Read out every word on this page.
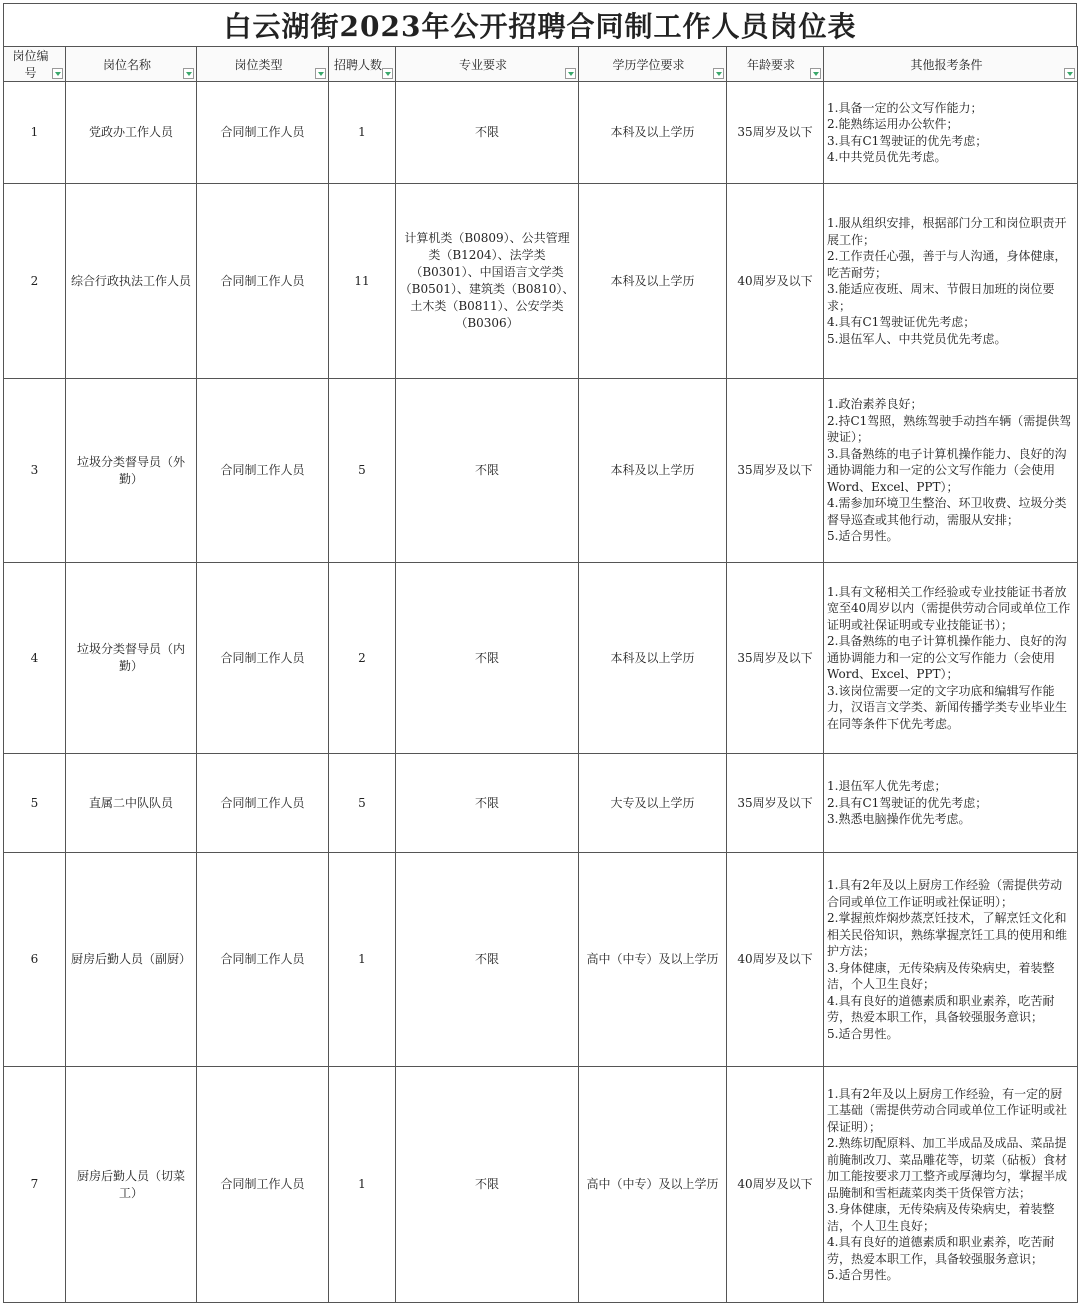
白云湖街2023年公开招聘合同制工作人员岗位表
岗位编号	岗位名称	岗位类型	招聘人数	专业要求	学历学位要求	年龄要求	其他报考条件

1	党政办工作人员	合同制工作人员	1	不限	本科及以上学历	35周岁及以下	1.具备一定的公文写作能力；
2.能熟练运用办公软件；
3.具有C1驾驶证的优先考虑；
4.中共党员优先考虑。

2	综合行政执法工作人员	合同制工作人员	11	计算机类（B0809）、公共管理类（B1204）、法学类（B0301）、中国语言文学类（B0501）、建筑类（B0810）、土木类（B0811）、公安学类（B0306）	本科及以上学历	40周岁及以下	1.服从组织安排，根据部门分工和岗位职责开展工作；
2.工作责任心强，善于与人沟通，身体健康，吃苦耐劳；
3.能适应夜班、周末、节假日加班的岗位要求；
4.具有C1驾驶证优先考虑；
5.退伍军人、中共党员优先考虑。

3	垃圾分类督导员（外勤）	合同制工作人员	5	不限	本科及以上学历	35周岁及以下	1.政治素养良好；
2.持C1驾照，熟练驾驶手动挡车辆（需提供驾驶证）；
3.具备熟练的电子计算机操作能力、良好的沟通协调能力和一定的公文写作能力（会使用Word、Excel、PPT）；
4.需参加环境卫生整治、环卫收费、垃圾分类督导巡查或其他行动，需服从安排；
5.适合男性。

4	垃圾分类督导员（内勤）	合同制工作人员	2	不限	本科及以上学历	35周岁及以下	1.具有文秘相关工作经验或专业技能证书者放宽至40周岁以内（需提供劳动合同或单位工作证明或社保证明或专业技能证书）；
2.具备熟练的电子计算机操作能力、良好的沟通协调能力和一定的公文写作能力（会使用Word、Excel、PPT）；
3.该岗位需要一定的文字功底和编辑写作能力，汉语言文学类、新闻传播学类专业毕业生在同等条件下优先考虑。

5	直属二中队队员	合同制工作人员	5	不限	大专及以上学历	35周岁及以下	1.退伍军人优先考虑；
2.具有C1驾驶证的优先考虑；
3.熟悉电脑操作优先考虑。

6	厨房后勤人员（副厨）	合同制工作人员	1	不限	高中（中专）及以上学历	40周岁及以下	1.具有2年及以上厨房工作经验（需提供劳动合同或单位工作证明或社保证明）；
2.掌握煎炸焖炒蒸烹饪技术，了解烹饪文化和相关民俗知识，熟练掌握烹饪工具的使用和维护方法；
3.身体健康，无传染病及传染病史，着装整洁，个人卫生良好；
4.具有良好的道德素质和职业素养，吃苦耐劳，热爱本职工作，具备较强服务意识；
5.适合男性。

7	厨房后勤人员（切菜工）	合同制工作人员	1	不限	高中（中专）及以上学历	40周岁及以下	1.具有2年及以上厨房工作经验，有一定的厨工基础（需提供劳动合同或单位工作证明或社保证明）；
2.熟练切配原料、加工半成品及成品、菜品提前腌制改刀、菜品雕花等，切菜（砧板）食材加工能按要求刀工整齐或厚薄均匀，掌握半成品腌制和雪柜蔬菜肉类干货保管方法；
3.身体健康，无传染病及传染病史，着装整洁，个人卫生良好；
4.具有良好的道德素质和职业素养，吃苦耐劳，热爱本职工作，具备较强服务意识；
5.适合男性。
